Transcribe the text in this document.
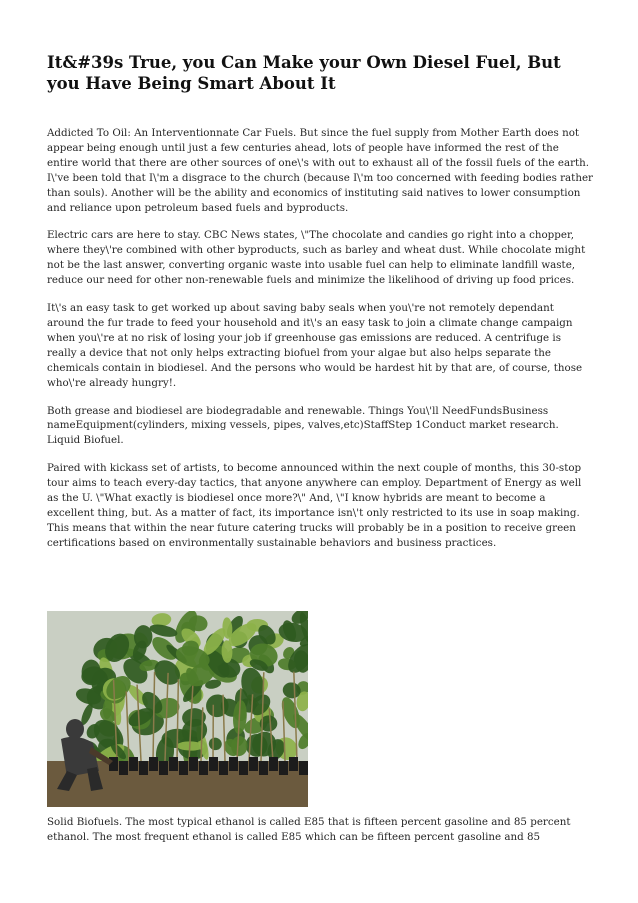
It&#39s True, you Can Make your Own Diesel Fuel, But you Have Being Smart About It

Addicted To Oil: An Interventionnate Car Fuels. But since the fuel supply from Mother Earth does not appear being enough until just a few centuries ahead, lots of people have informed the rest of the entire world that there are other sources of one\'s with out to exhaust all of the fossil fuels of the earth. I\'ve been told that I\'m a disgrace to the church (because I\'m too concerned with feeding bodies rather than souls). Another will be the ability and economics of instituting said natives to lower consumption and reliance upon petroleum based fuels and byproducts.

Electric cars are here to stay. CBC News states, \"The chocolate and candies go right into a chopper, where they\'re combined with other byproducts, such as barley and wheat dust. While chocolate might not be the last answer, converting organic waste into usable fuel can help to eliminate landfill waste, reduce our need for other non-renewable fuels and minimize the likelihood of driving up food prices.

It\'s an easy task to get worked up about saving baby seals when you\'re not remotely dependant around the fur trade to feed your household and it\'s an easy task to join a climate change campaign when you\'re at no risk of losing your job if greenhouse gas emissions are reduced. A centrifuge is really a device that not only helps extracting biofuel from your algae but also helps separate the chemicals contain in biodiesel. And the persons who would be hardest hit by that are, of course, those who\'re already hungry!.

Both grease and biodiesel are biodegradable and renewable. Things You\'ll NeedFundsBusiness nameEquipment(cylinders, mixing vessels, pipes, valves,etc)StaffStep 1Conduct market research. Liquid Biofuel.

Paired with kickass set of artists, to become announced within the next couple of months, this 30-stop tour aims to teach every-day tactics, that anyone anywhere can employ. Department of Energy as well as the U. \"What exactly is biodiesel once more?\" And, \"I know hybrids are meant to become a excellent thing, but. As a matter of fact, its importance isn\'t only restricted to its use in soap making. This means that within the near future catering trucks will probably be in a position to receive green certifications based on environmentally sustainable behaviors and business practices.

Solid Biofuels. The most typical ethanol is called E85 that is fifteen percent gasoline and 85 percent ethanol. The most frequent ethanol is called E85 which can be fifteen percent gasoline and 85
